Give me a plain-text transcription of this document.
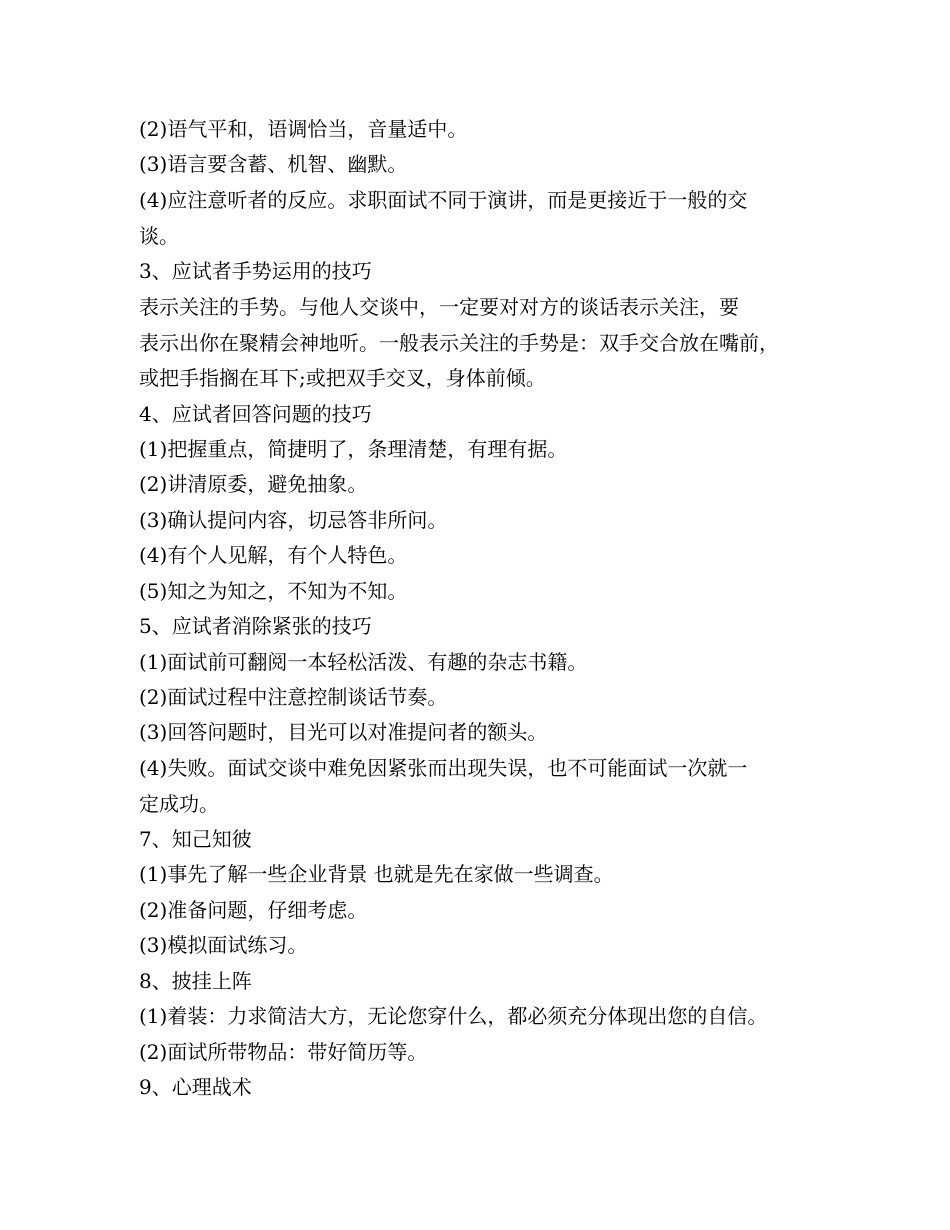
(2)语气平和，语调恰当，音量适中。
(3)语言要含蓄、机智、幽默。
(4)应注意听者的反应。求职面试不同于演讲，而是更接近于一般的交
谈。
3、应试者手势运用的技巧
表示关注的手势。与他人交谈中，一定要对对方的谈话表示关注，要
表示出你在聚精会神地听。一般表示关注的手势是：双手交合放在嘴前，
或把手指搁在耳下;或把双手交叉，身体前倾。
4、应试者回答问题的技巧
(1)把握重点，简捷明了，条理清楚，有理有据。
(2)讲清原委，避免抽象。
(3)确认提问内容，切忌答非所问。
(4)有个人见解，有个人特色。
(5)知之为知之，不知为不知。
5、应试者消除紧张的技巧
(1)面试前可翻阅一本轻松活泼、有趣的杂志书籍。
(2)面试过程中注意控制谈话节奏。
(3)回答问题时，目光可以对准提问者的额头。
(4)失败。面试交谈中难免因紧张而出现失误，也不可能面试一次就一
定成功。
7、知己知彼
(1)事先了解一些企业背景 也就是先在家做一些调查。
(2)准备问题，仔细考虑。
(3)模拟面试练习。
8、披挂上阵
(1)着装：力求简洁大方，无论您穿什么，都必须充分体现出您的自信。
(2)面试所带物品：带好简历等。
9、心理战术
